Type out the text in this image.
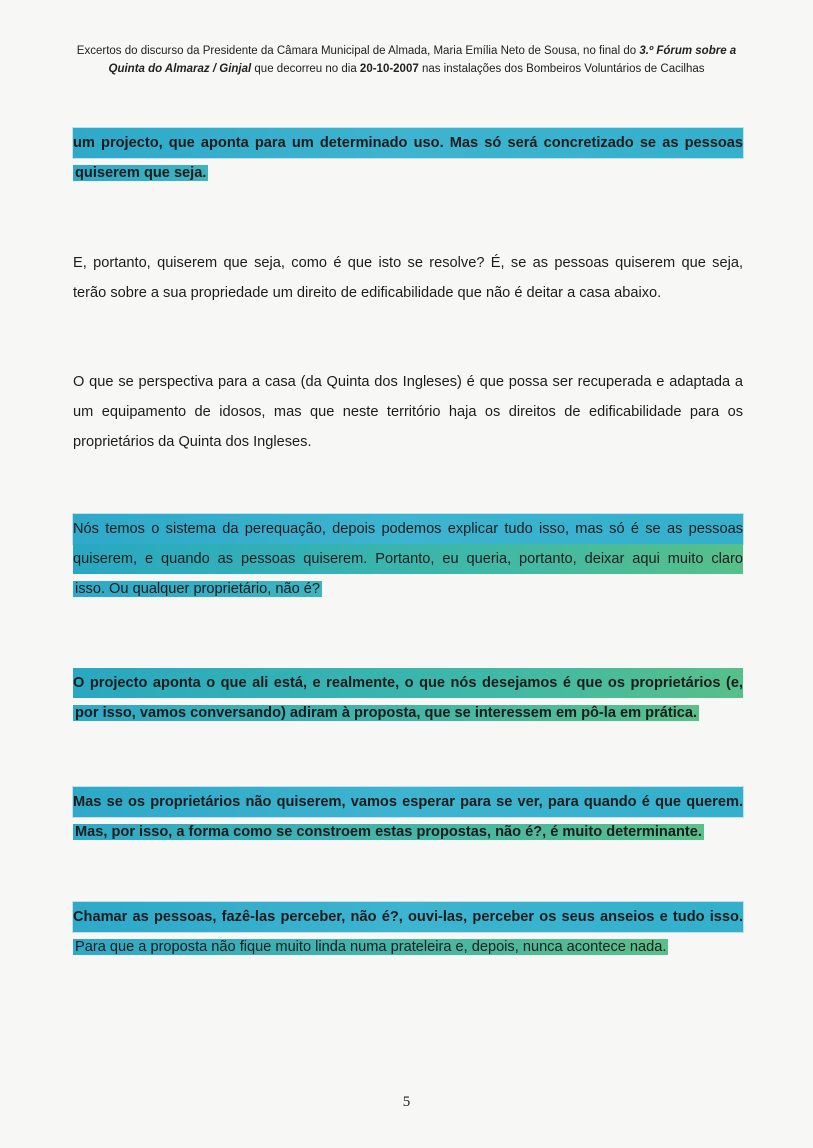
Excertos do discurso da Presidente da Câmara Municipal de Almada, Maria Emília Neto de Sousa, no final do 3.º Fórum sobre a
Quinta do Almaraz / Ginjal que decorreu no dia 20-10-2007 nas instalações dos Bombeiros Voluntários de Cacilhas
um projecto, que aponta para um determinado uso. Mas só será concretizado se as pessoas
quiserem que seja.
E, portanto, quiserem que seja, como é que isto se resolve? É, se as pessoas quiserem que seja,
terão sobre a sua propriedade um direito de edificabilidade que não é deitar a casa abaixo.
O que se perspectiva para a casa (da Quinta dos Ingleses) é que possa ser recuperada e adaptada a
um equipamento de idosos, mas que neste território haja os direitos de edificabilidade para os
proprietários da Quinta dos Ingleses.
Nós temos o sistema da perequação, depois podemos explicar tudo isso, mas só é se as pessoas
quiserem, e quando as pessoas quiserem. Portanto, eu queria, portanto, deixar aqui muito claro
isso. Ou qualquer proprietário, não é?
O projecto aponta o que ali está, e realmente, o que nós desejamos é que os proprietários (e,
por isso, vamos conversando) adiram à proposta, que se interessem em pô-la em prática.
Mas se os proprietários não quiserem, vamos esperar para se ver, para quando é que querem.
Mas, por isso, a forma como se constroem estas propostas, não é?, é muito determinante.
Chamar as pessoas, fazê-las perceber, não é?, ouvi-las, perceber os seus anseios e tudo isso.
Para que a proposta não fique muito linda numa prateleira e, depois, nunca acontece nada.
5
